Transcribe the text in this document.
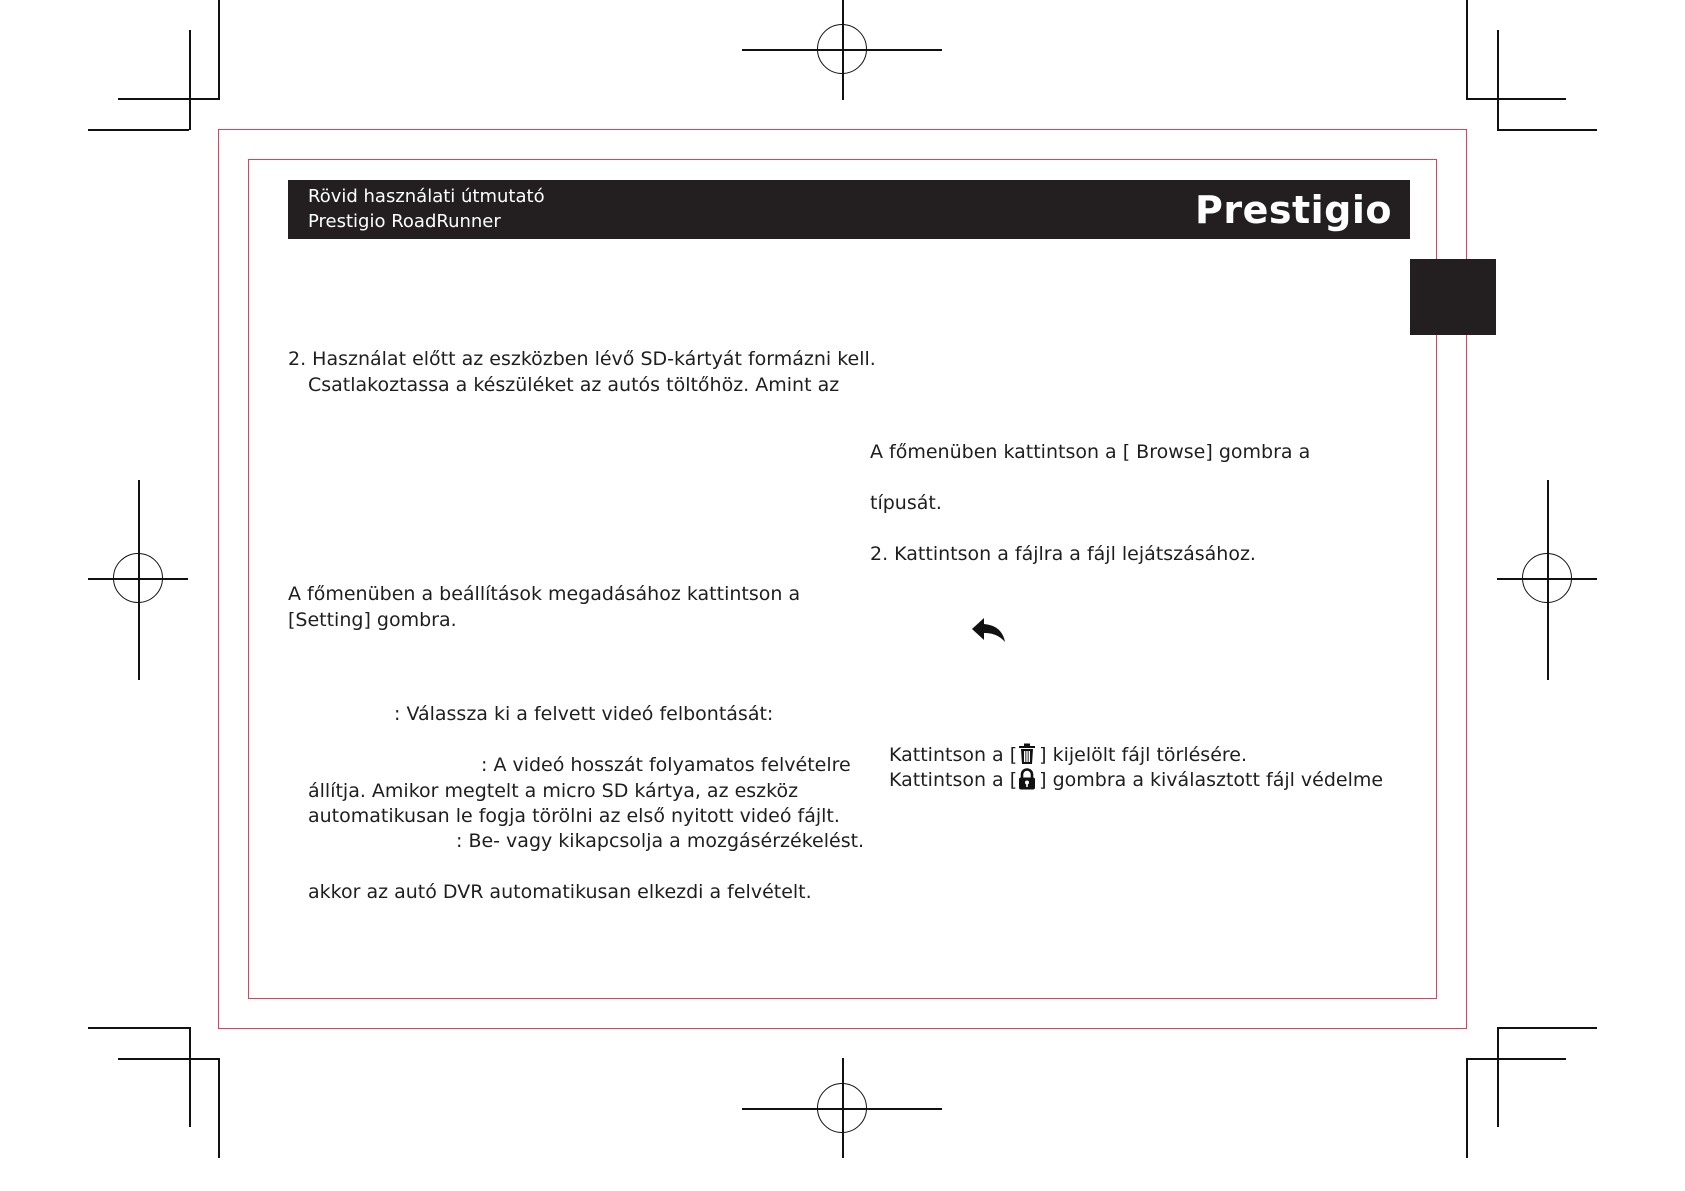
Rövid használati útmutató
Prestigio RoadRunner	Prestigio
2. Használat előtt az eszközben lévő SD-kártyát formázni kell.
Csatlakoztassa a készüléket az autós töltőhöz. Amint az
A főmenüben a beállítások megadásához kattintson a
[Setting] gombra.
: Válassza ki a felvett videó felbontását:
: A videó hosszát folyamatos felvételre
állítja. Amikor megtelt a micro SD kártya, az eszköz
automatikusan le fogja törölni az első nyitott videó fájlt.
: Be- vagy kikapcsolja a mozgásérzékelést.
akkor az autó DVR automatikusan elkezdi a felvételt.
A főmenüben kattintson a [ Browse] gombra a
típusát.
2. Kattintson a fájlra a fájl lejátszásához.
Kattintson a [ ] kijelölt fájl törlésére.
Kattintson a [ ] gombra a kiválasztott fájl védelme
